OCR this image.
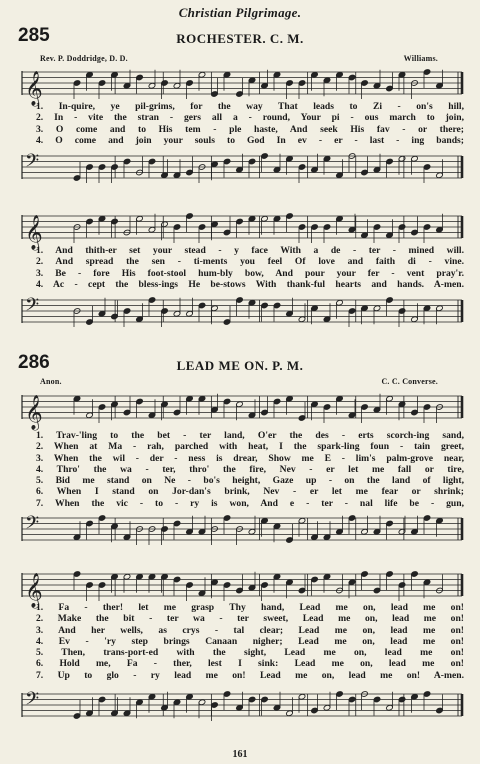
Christian Pilgrimage.
285	ROCHESTER. C. M.
Rev. P. Doddridge, D. D.	Williams.
𝄞
1. In-quire, ye pil-grims, for the way That leads to Zi - on's hill,
2. In - vite the stran - gers all a - round, Your pi - ous march to join,
3. O come and to His tem - ple haste, And seek His fav - or there;
4. O come and join your souls to God In ev - er - last - ing bands;
𝄢
𝄞
1. And thith-er set your stead - y face With a de - ter - mined will.
2. And spread the sen - ti-ments you feel Of love and faith di - vine.
3. Be - fore His foot-stool hum-bly bow, And pour your fer - vent pray'r.
4. Ac - cept the bless-ings He be-stows With thank-ful hearts and hands. A-men.
𝄢
286	LEAD ME ON. P. M.
Anon.	C. C. Converse.
𝄞
1. Trav-'ling to the bet - ter land, O'er the des - erts scorch-ing sand,
2. When at Ma - rah, parched with heat, I the spark-ling foun - tain greet,
3. When the wil - der - ness is drear, Show me E - lim's palm-grove near,
4. Thro' the wa - ter, thro' the fire, Nev - er let me fall or tire,
5. Bid me stand on Ne - bo's height, Gaze up - on the land of light,
6. When I stand on Jor-dan's brink, Nev - er let me fear or shrink;
7. When the vic - to - ry is won, And e - ter - nal life be - gun,
𝄢
𝄞
1. Fa - ther! let me grasp Thy hand, Lead me on, lead me on!
2. Make the bit - ter wa - ter sweet, Lead me on, lead me on!
3. And her wells, as crys - tal clear; Lead me on, lead me on!
4. Ev - 'ry step brings Canaan nigher; Lead me on, lead me on!
5. Then, trans-port-ed with the sight, Lead me on, lead me on!
6. Hold me, Fa - ther, lest I sink: Lead me on, lead me on!
7. Up to glo - ry lead me on! Lead me on, lead me on! A-men.
𝄢
161
